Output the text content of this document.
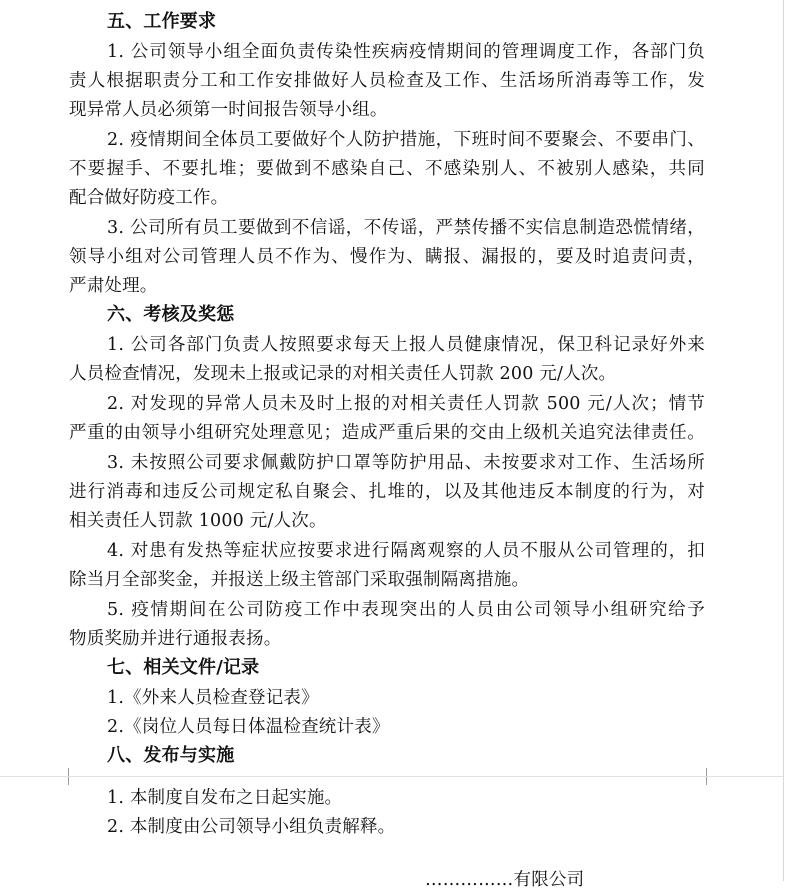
五、工作要求
1. 公司领导小组全面负责传染性疾病疫情期间的管理调度工作，各部门负
责人根据职责分工和工作安排做好人员检查及工作、生活场所消毒等工作，发
现异常人员必须第一时间报告领导小组。
2. 疫情期间全体员工要做好个人防护措施，下班时间不要聚会、不要串门、
不要握手、不要扎堆；要做到不感染自己、不感染别人、不被别人感染，共同
配合做好防疫工作。
3. 公司所有员工要做到不信谣，不传谣，严禁传播不实信息制造恐慌情绪，
领导小组对公司管理人员不作为、慢作为、瞒报、漏报的，要及时追责问责，
严肃处理。
六、考核及奖惩
1. 公司各部门负责人按照要求每天上报人员健康情况，保卫科记录好外来
人员检查情况，发现未上报或记录的对相关责任人罚款 200 元/人次。
2. 对发现的异常人员未及时上报的对相关责任人罚款 500 元/人次；情节
严重的由领导小组研究处理意见；造成严重后果的交由上级机关追究法律责任。
3. 未按照公司要求佩戴防护口罩等防护用品、未按要求对工作、生活场所
进行消毒和违反公司规定私自聚会、扎堆的，以及其他违反本制度的行为，对
相关责任人罚款 1000 元/人次。
4. 对患有发热等症状应按要求进行隔离观察的人员不服从公司管理的，扣
除当月全部奖金，并报送上级主管部门采取强制隔离措施。
5. 疫情期间在公司防疫工作中表现突出的人员由公司领导小组研究给予
物质奖励并进行通报表扬。
七、相关文件/记录
1.《外来人员检查登记表》
2.《岗位人员每日体温检查统计表》
八、发布与实施
1. 本制度自发布之日起实施。
2. 本制度由公司领导小组负责解释。
……………有限公司
